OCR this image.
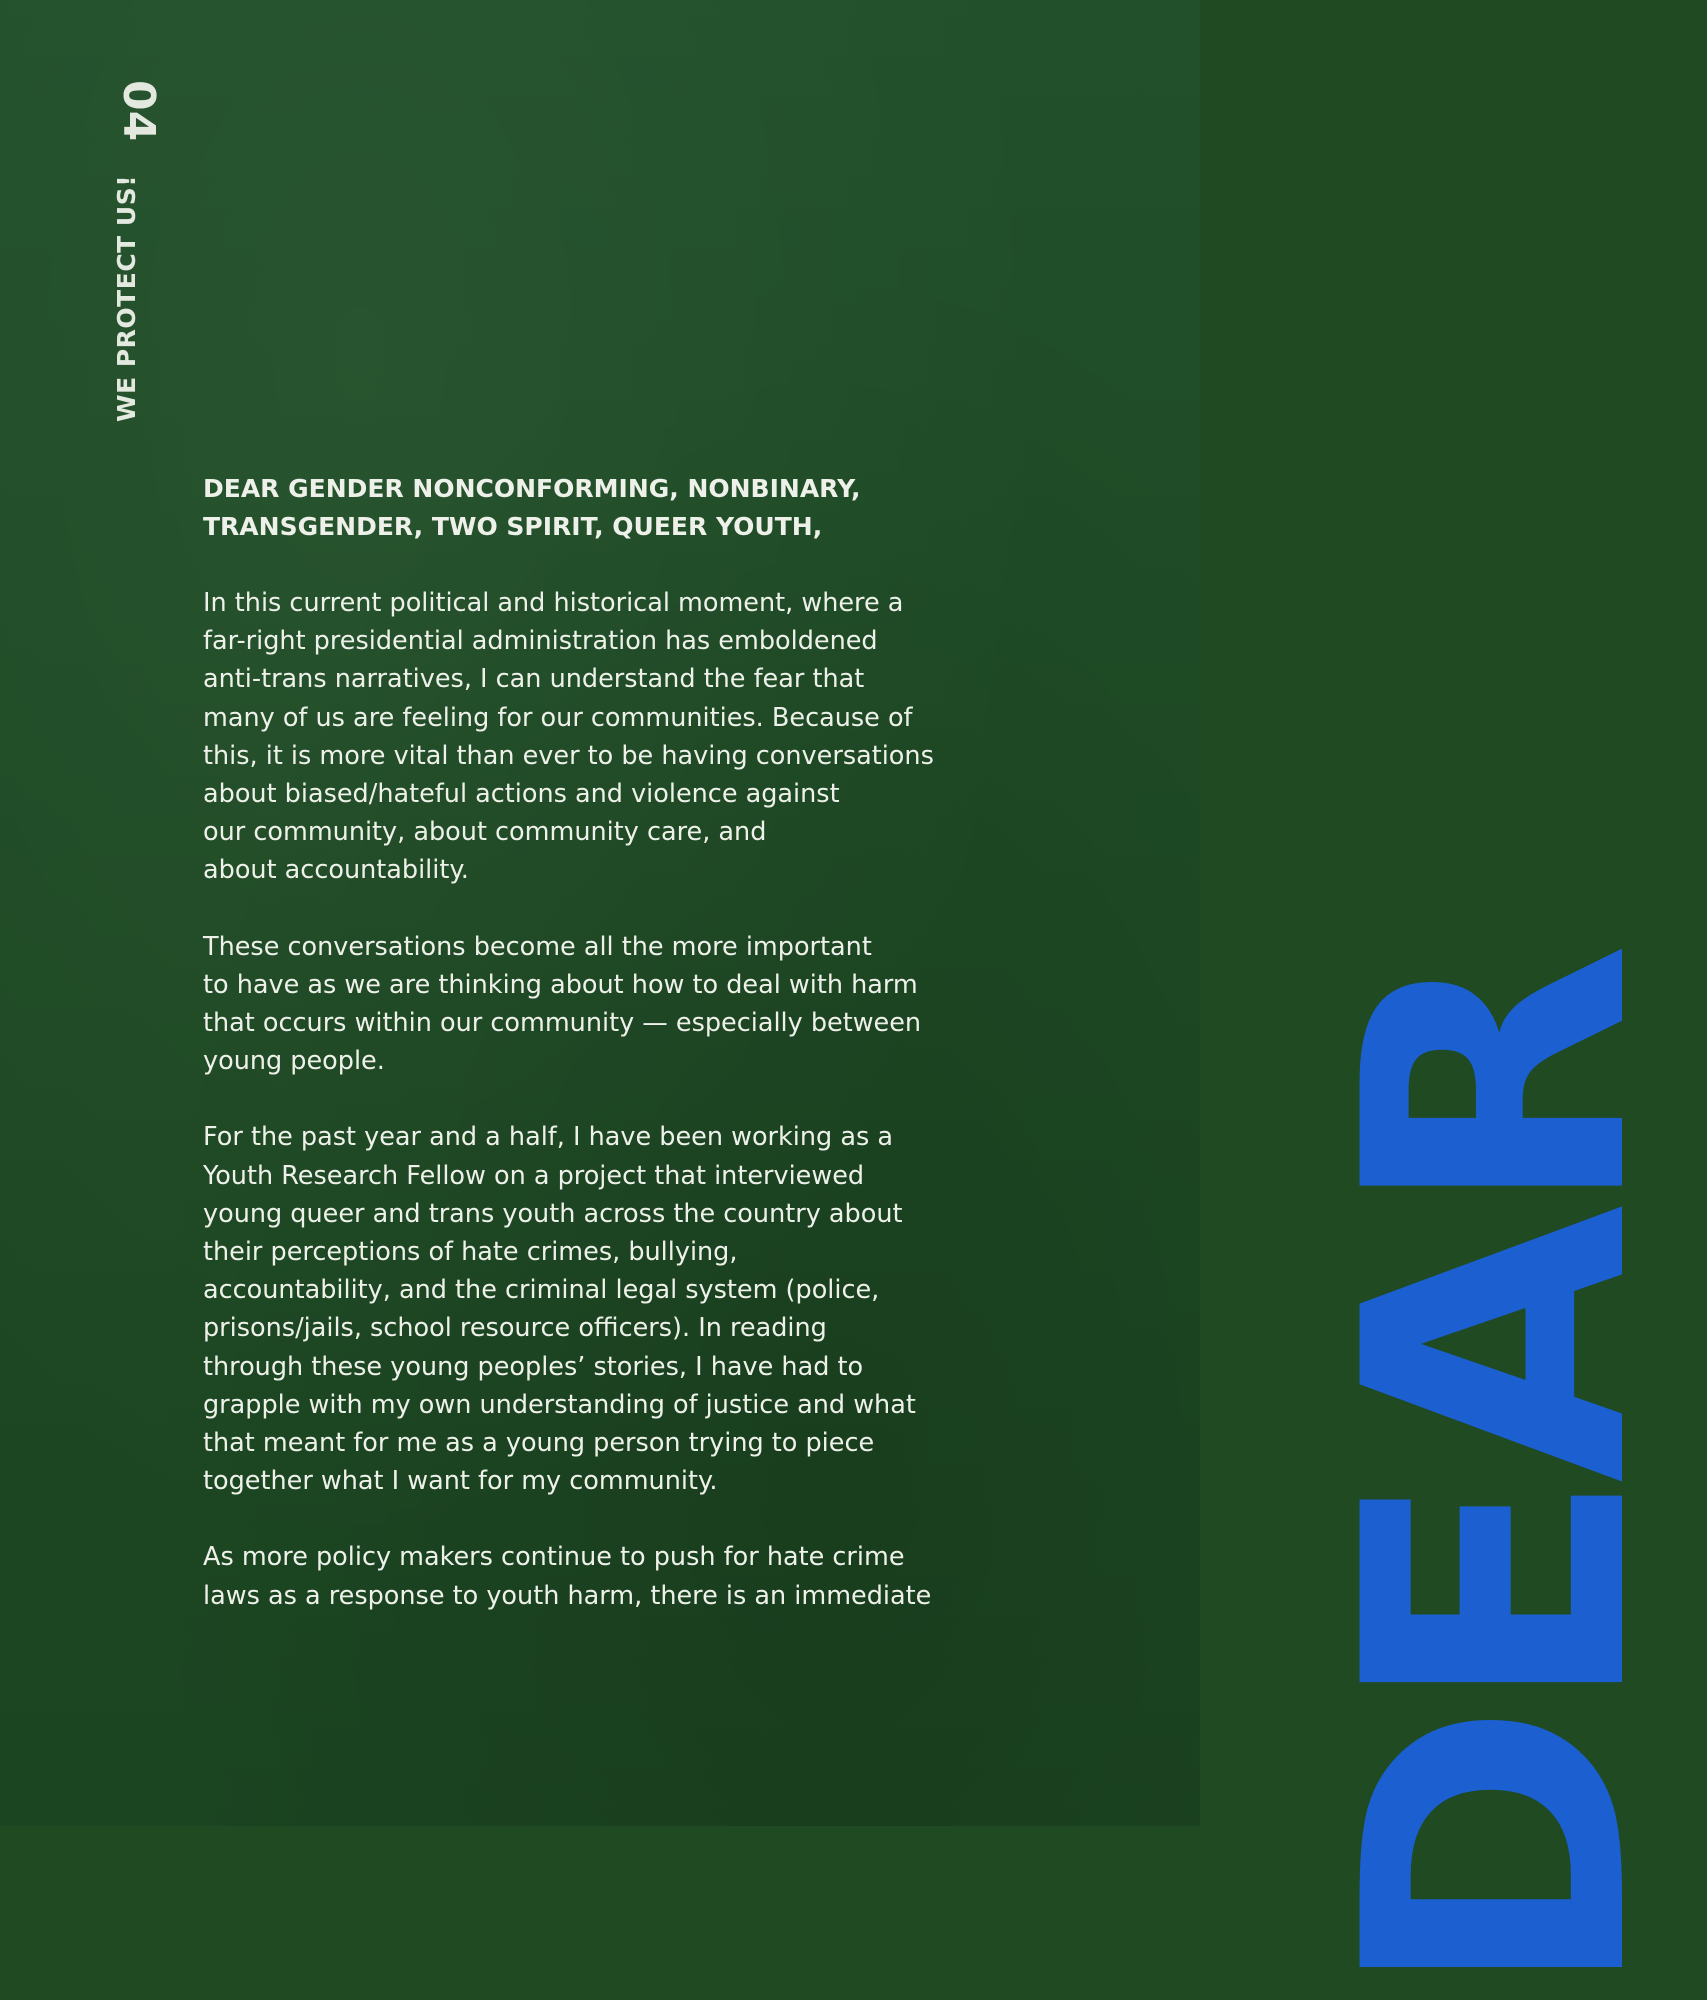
04
WE PROTECT US!
DEAR

DEAR GENDER NONCONFORMING, NONBINARY,
TRANSGENDER, TWO SPIRIT, QUEER YOUTH,

In this current political and historical moment, where a
far-right presidential administration has emboldened
anti-trans narratives, I can understand the fear that
many of us are feeling for our communities. Because of
this, it is more vital than ever to be having conversations
about biased/hateful actions and violence against
our community, about community care, and
about accountability.

These conversations become all the more important
to have as we are thinking about how to deal with harm
that occurs within our community — especially between
young people.

For the past year and a half, I have been working as a
Youth Research Fellow on a project that interviewed
young queer and trans youth across the country about
their perceptions of hate crimes, bullying,
accountability, and the criminal legal system (police,
prisons/jails, school resource officers). In reading
through these young peoples’ stories, I have had to
grapple with my own understanding of justice and what
that meant for me as a young person trying to piece
together what I want for my community.

As more policy makers continue to push for hate crime
laws as a response to youth harm, there is an immediate
